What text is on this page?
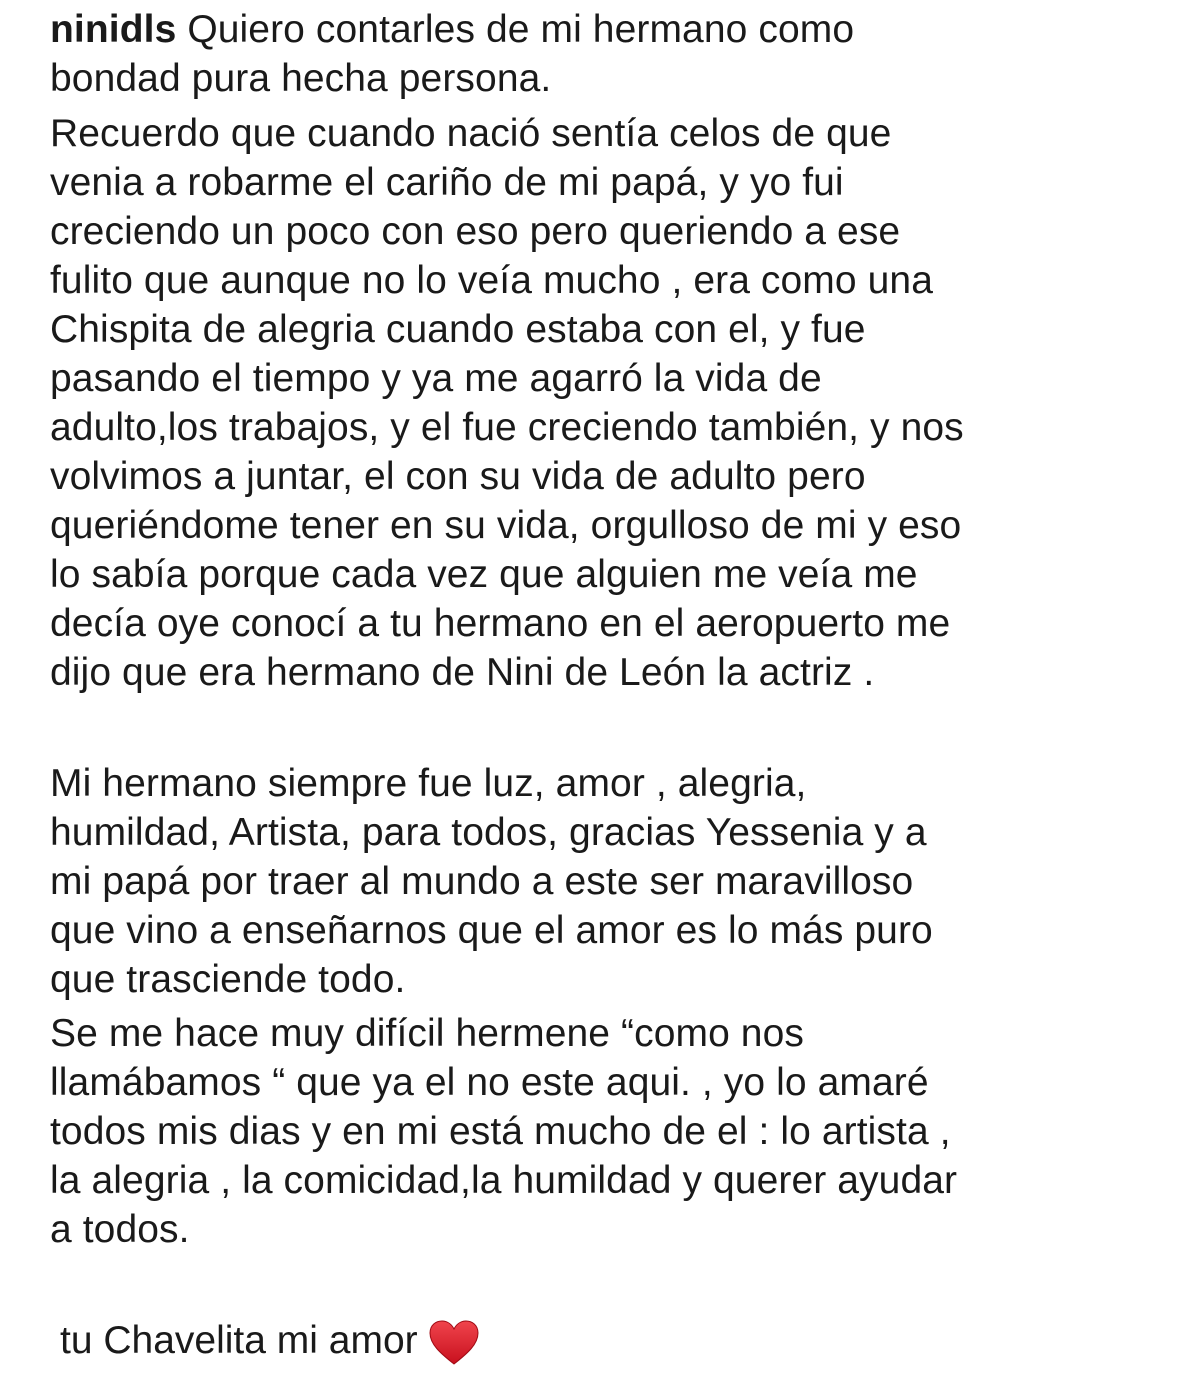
ninidls Quiero contarles de mi hermano como
bondad pura hecha persona.
Recuerdo que cuando nació sentía celos de que
venia a robarme el cariño de mi papá, y yo fui
creciendo un poco con eso pero queriendo a ese
fulito que aunque no lo veía mucho , era como una
Chispita de alegria cuando estaba con el, y fue
pasando el tiempo y ya me agarró la vida de
adulto,los trabajos, y el fue creciendo también, y nos
volvimos a juntar, el con su vida de adulto pero
queriéndome tener en su vida, orgulloso de mi y eso
lo sabía porque cada vez que alguien me veía me
decía oye conocí a tu hermano en el aeropuerto me
dijo que era hermano de Nini de León la actriz .
Mi hermano siempre fue luz, amor , alegria,
humildad, Artista, para todos, gracias Yessenia y a
mi papá por traer al mundo a este ser maravilloso
que vino a enseñarnos que el amor es lo más puro
que trasciende todo.
Se me hace muy difícil hermene “como nos
llamábamos “ que ya el no este aqui. , yo lo amaré
todos mis dias y en mi está mucho de el : lo artista ,
la alegria , la comicidad,la humildad y querer ayudar
a todos.
tu Chavelita mi amor
